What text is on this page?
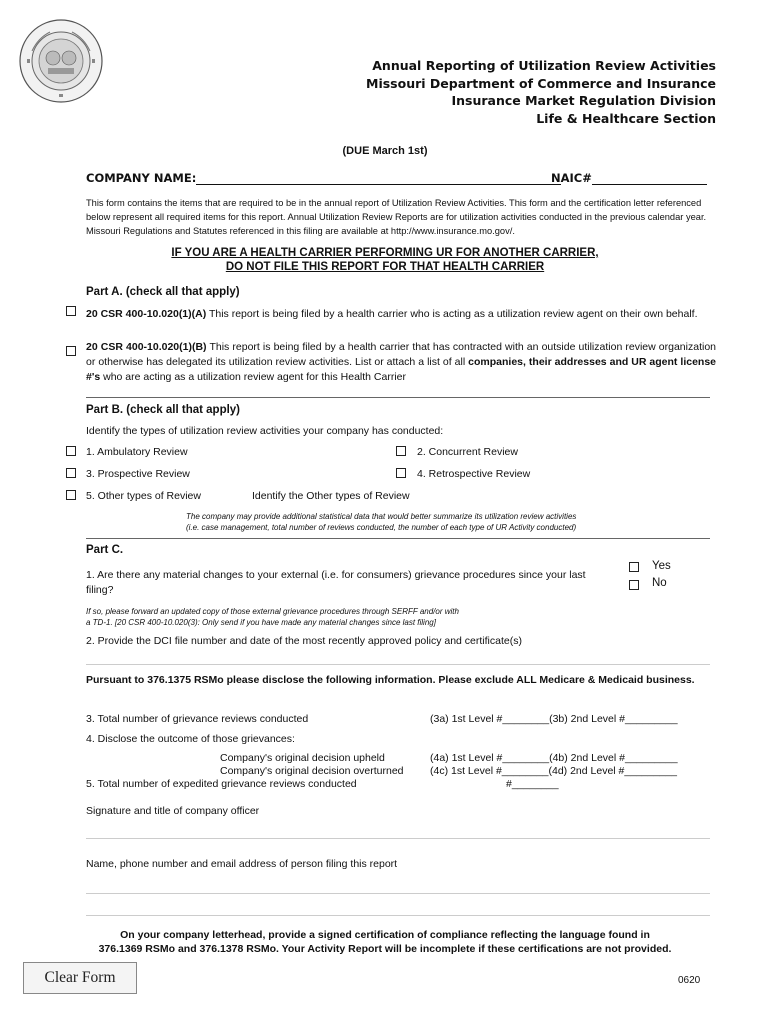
Annual Reporting of Utilization Review Activities
Missouri Department of Commerce and Insurance
Insurance Market Regulation Division
Life & Healthcare Section
(DUE March 1st)
COMPANY NAME:	NAIC#
This form contains the items that are required to be in the annual report of Utilization Review Activities. This form and the certification letter referenced below represent all required items for this report. Annual Utilization Review Reports are for utilization activities conducted in the previous calendar year. Missouri Regulations and Statutes referenced in this filing are available at http://www.insurance.mo.gov/.
IF YOU ARE A HEALTH CARRIER PERFORMING UR FOR ANOTHER CARRIER,
DO NOT FILE THIS REPORT FOR THAT HEALTH CARRIER
Part A. (check all that apply)
20 CSR 400-10.020(1)(A) This report is being filed by a health carrier who is acting as a utilization review agent on their own behalf.
20 CSR 400-10.020(1)(B) This report is being filed by a health carrier that has contracted with an outside utilization review organization or otherwise has delegated its utilization review activities. List or attach a list of all companies, their addresses and UR agent license #'s who are acting as a utilization review agent for this Health Carrier
Part B. (check all that apply)
Identify the types of utilization review activities your company has conducted:
1. Ambulatory Review	2. Concurrent Review
3. Prospective Review	4. Retrospective Review
5. Other types of Review	Identify the Other types of Review
The company may provide additional statistical data that would better summarize its utilization review activities
(i.e. case management, total number of reviews conducted, the number of each type of UR Activity conducted)
Part C.
1. Are there any material changes to your external (i.e. for consumers) grievance procedures since your last filing?
Yes
No
If so, please forward an updated copy of those external grievance procedures through SERFF and/or with
a TD-1. [20 CSR 400-10.020(3): Only send if you have made any material changes since last filing]
2. Provide the DCI file number and date of the most recently approved policy and certificate(s)
Pursuant to 376.1375 RSMo please disclose the following information. Please exclude ALL Medicare & Medicaid business.
3. Total number of grievance reviews conducted	(3a) 1st Level #________(3b) 2nd Level #_________
4. Disclose the outcome of those grievances:
Company's original decision upheld	(4a) 1st Level #________(4b) 2nd Level #_________
Company's original decision overturned	(4c) 1st Level #________(4d) 2nd Level #_________
5. Total number of expedited grievance reviews conducted	#________
Signature and title of company officer
Name, phone number and email address of person filing this report
On your company letterhead, provide a signed certification of compliance reflecting the language found in
376.1369 RSMo and 376.1378 RSMo. Your Activity Report will be incomplete if these certifications are not provided.
Clear Form	0620
